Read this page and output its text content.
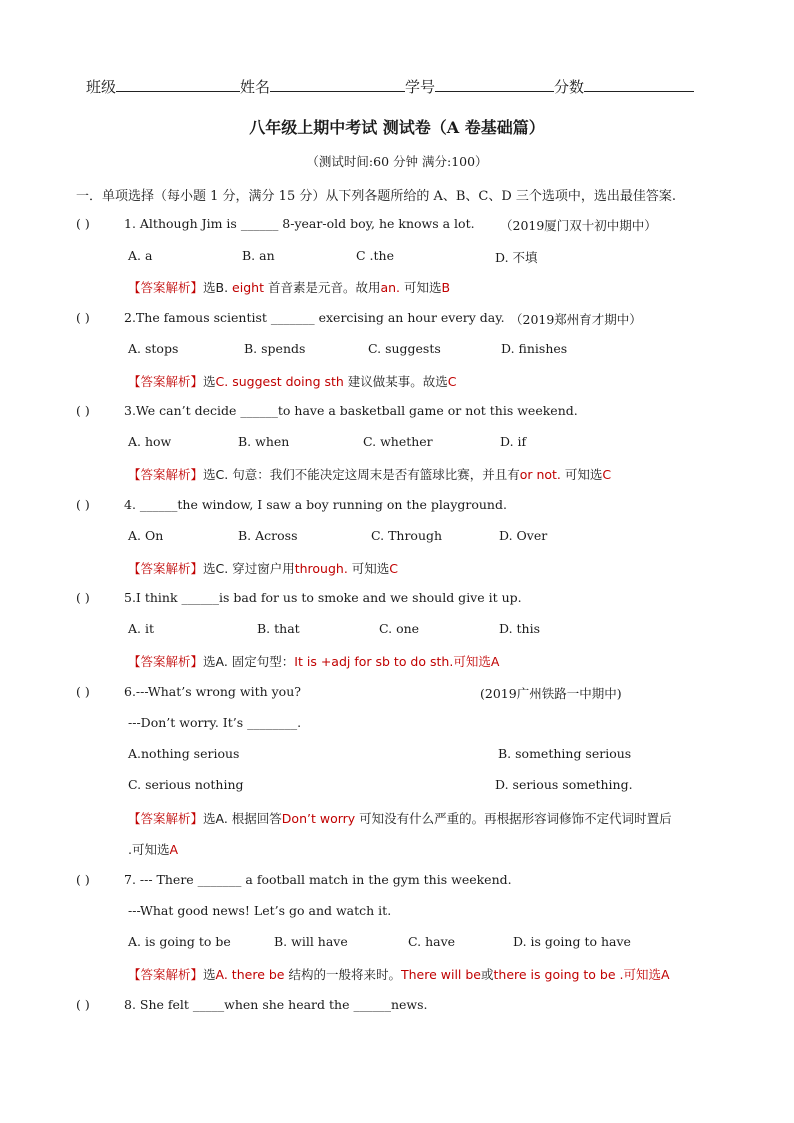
班级	姓名	学号	分数
八年级上期中考试 测试卷（A 卷基础篇）
（测试时间:60 分钟 满分:100）
一．单项选择（每小题 1 分，满分 15 分）从下列各题所给的 A、B、C、D 三个选项中，选出最佳答案.
( )	1. Although Jim is ______ 8-year-old boy, he knows a lot. （2019厦门双十初中期中）
A. a	B. an	C .the	D. 不填
【答案解析】选B. eight 首音素是元音。故用an. 可知选B
( )	2.The famous scientist _______ exercising an hour every day. （2019郑州育才期中）
A. stops	B. spends	C. suggests	D. finishes
【答案解析】选C. suggest doing sth 建议做某事。故选C
( )	3.We can’t decide ______to have a basketball game or not this weekend.
A. how	B. when	C. whether	D. if
【答案解析】选C. 句意：我们不能决定这周末是否有篮球比赛，并且有or not. 可知选C
( )	4. ______the window, I saw a boy running on the playground.
A. On	B. Across	C. Through	D. Over
【答案解析】选C. 穿过窗户用through. 可知选C
( )	5.I think ______is bad for us to smoke and we should give it up.
A. it	B. that	C. one	D. this
【答案解析】选A. 固定句型：It is +adj for sb to do sth.可知选A
( )	6.---What’s wrong with you?	(2019广州铁路一中期中)
---Don’t worry. It’s ________.
A.nothing serious	B. something serious
C. serious nothing	D. serious something.
【答案解析】选A. 根据回答Don’t worry 可知没有什么严重的。再根据形容词修饰不定代词时置后
.可知选A
( )	7. --- There _______ a football match in the gym this weekend.
---What good news! Let’s go and watch it.
A. is going to be	B. will have	C. have	D. is going to have
【答案解析】选A. there be 结构的一般将来时。There will be或there is going to be .可知选A
( )	8. She felt _____when she heard the ______news.
